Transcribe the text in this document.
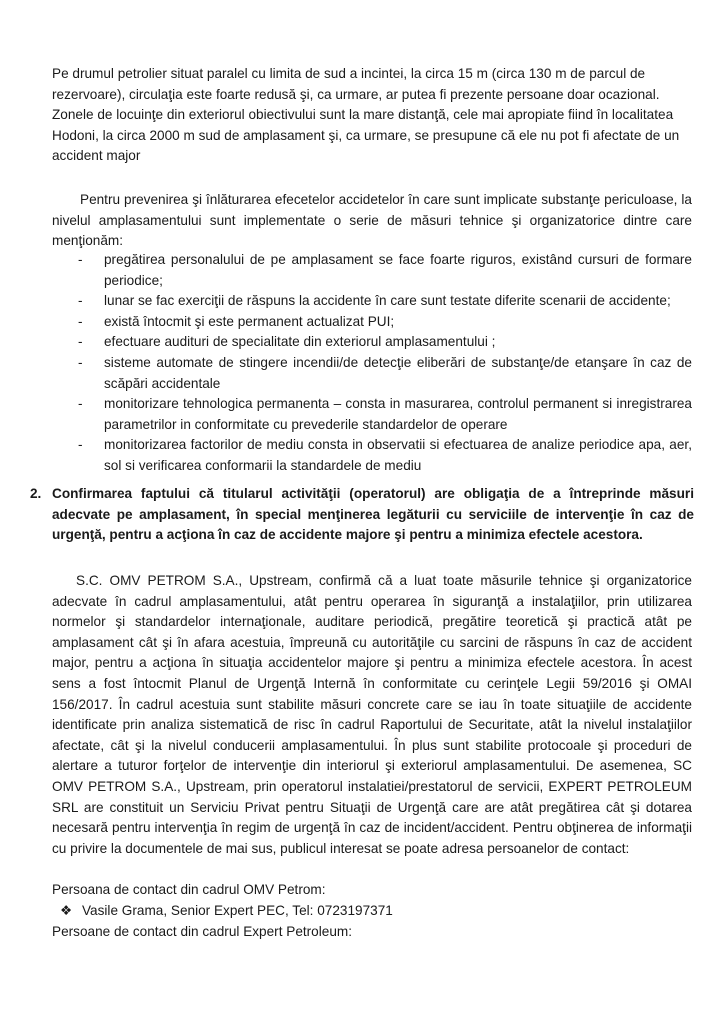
Pe drumul petrolier situat paralel cu limita de sud a incintei, la circa 15 m (circa 130 m de parcul de rezervoare), circulaţia este foarte redusă şi, ca urmare, ar putea fi prezente persoane doar ocazional. Zonele de locuinţe din exteriorul obiectivului sunt la mare distanţă, cele mai apropiate fiind în localitatea Hodoni, la circa 2000 m sud de amplasament şi, ca urmare, se presupune că ele nu pot fi afectate de un accident major

Pentru prevenirea şi înlăturarea efecetelor accidetelor în care sunt implicate substanţe periculoase, la nivelul amplasamentului sunt implementate o serie de măsuri tehnice şi organizatorice dintre care menţionăm:

- pregătirea personalului de pe amplasament se face foarte riguros, existând cursuri de formare periodice;
- lunar se fac exerciţii de răspuns la accidente în care sunt testate diferite scenarii de accidente;
- există întocmit şi este permanent actualizat PUI;
- efectuare audituri de specialitate din exteriorul amplasamentului ;
- sisteme automate de stingere incendii/de detecţie eliberări de substanţe/de etanşare în caz de scăpări accidentale
- monitorizare tehnologica permanenta – consta in masurarea, controlul permanent si inregistrarea parametrilor in conformitate cu prevederile standardelor de operare
- monitorizarea factorilor de mediu consta in observatii si efectuarea de analize periodice apa, aer, sol si verificarea conformarii la standardele de mediu

2. Confirmarea faptului că titularul activităţii (operatorul) are obligaţia de a întreprinde măsuri adecvate pe amplasament, în special menţinerea legăturii cu serviciile de intervenţie în caz de urgenţă, pentru a acţiona în caz de accidente majore şi pentru a minimiza efectele acestora.

S.C. OMV PETROM S.A., Upstream, confirmă că a luat toate măsurile tehnice şi organizatorice adecvate în cadrul amplasamentului, atât pentru operarea în siguranţă a instalaţiilor, prin utilizarea normelor şi standardelor internaţionale, auditare periodică, pregătire teoretică şi practică atât pe amplasament cât şi în afara acestuia, împreună cu autorităţile cu sarcini de răspuns în caz de accident major, pentru a acţiona în situaţia accidentelor majore şi pentru a minimiza efectele acestora. În acest sens a fost întocmit Planul de Urgenţă Internă în conformitate cu cerinţele Legii 59/2016 şi OMAI 156/2017. În cadrul acestuia sunt stabilite măsuri concrete care se iau în toate situaţiile de accidente identificate prin analiza sistematică de risc în cadrul Raportului de Securitate, atât la nivelul instalaţiilor afectate, cât şi la nivelul conducerii amplasamentului. În plus sunt stabilite protocoale şi proceduri de alertare a tuturor forţelor de intervenţie din interiorul şi exteriorul amplasamentului. De asemenea, SC OMV PETROM S.A., Upstream, prin operatorul instalatiei/prestatorul de servicii, EXPERT PETROLEUM SRL are constituit un Serviciu Privat pentru Situaţii de Urgenţă care are atât pregătirea cât şi dotarea necesară pentru intervenţia în regim de urgenţă în caz de incident/accident. Pentru obţinerea de informaţii cu privire la documentele de mai sus, publicul interesat se poate adresa persoanelor de contact:

Persoana de contact din cadrul OMV Petrom:
❖ Vasile Grama, Senior Expert PEC, Tel: 0723197371
Persoane de contact din cadrul Expert Petroleum:
